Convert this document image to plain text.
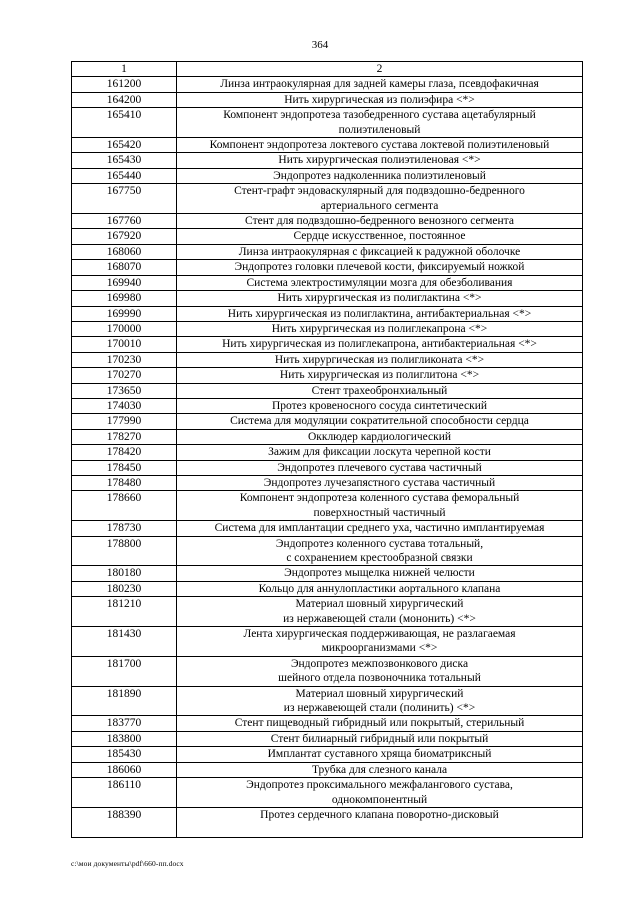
364
1	2
161200	Линза интраокулярная для задней камеры глаза, псевдофакичная

164200	Нить хирургическая из полиэфира <*>

165410	Компонент эндопротеза тазобедренного сустава ацетабулярный
полиэтиленовый

165420	Компонент эндопротеза локтевого сустава локтевой полиэтиленовый

165430	Нить хирургическая полиэтиленовая <*>

165440	Эндопротез надколенника полиэтиленовый

167750	Стент-графт эндоваскулярный для подвздошно-бедренного
артериального сегмента

167760	Стент для подвздошно-бедренного венозного сегмента

167920	Сердце искусственное, постоянное

168060	Линза интраокулярная с фиксацией к радужной оболочке

168070	Эндопротез головки плечевой кости, фиксируемый ножкой

169940	Система электростимуляции мозга для обезболивания

169980	Нить хирургическая из полиглактина <*>

169990	Нить хирургическая из полиглактина, антибактериальная <*>

170000	Нить хирургическая из полиглекапрона <*>

170010	Нить хирургическая из полиглекапрона, антибактериальная <*>

170230	Нить хирургическая из полигликоната <*>

170270	Нить хирургическая из полиглитона <*>

173650	Стент трахеобронхиальный

174030	Протез кровеносного сосуда синтетический

177990	Система для модуляции сократительной способности сердца

178270	Окклюдер кардиологический

178420	Зажим для фиксации лоскута черепной кости

178450	Эндопротез плечевого сустава частичный

178480	Эндопротез лучезапястного сустава частичный

178660	Компонент эндопротеза коленного сустава феморальный
поверхностный частичный

178730	Система для имплантации среднего уха, частично имплантируемая

178800	Эндопротез коленного сустава тотальный,
с сохранением крестообразной связки

180180	Эндопротез мыщелка нижней челюсти

180230	Кольцо для аннулопластики аортального клапана

181210	Материал шовный хирургический
из нержавеющей стали (мононить) <*>

181430	Лента хирургическая поддерживающая, не разлагаемая
микроорганизмами <*>

181700	Эндопротез межпозвонкового диска
шейного отдела позвоночника тотальный

181890	Материал шовный хирургический
из нержавеющей стали (полинить) <*>

183770	Стент пищеводный гибридный или покрытый, стерильный

183800	Стент билиарный гибридный или покрытый

185430	Имплантат суставного хряща биоматриксный

186060	Трубка для слезного канала

186110	Эндопротез проксимального межфалангового сустава,
однокомпонентный

188390	Протез сердечного клапана поворотно-дисковый

c:\мои документы\pdf\660-пп.docx
